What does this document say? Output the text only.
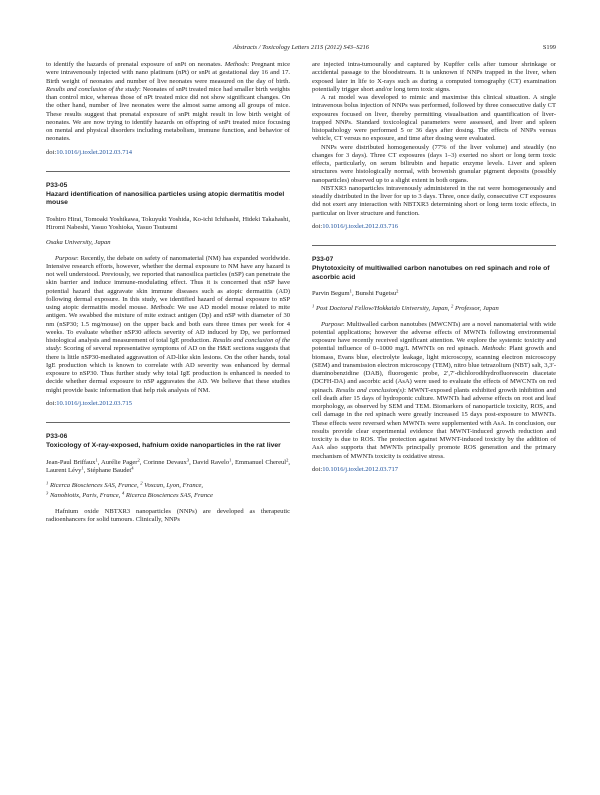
Abstracts / Toxicology Letters 211S (2012) S43–S216	S199

to identify the hazards of prenatal exposure of snPt on neonates. Methods: Pregnant mice were intravenously injected with nano platinum (nPt) or snPt at gestational day 16 and 17. Birth weight of neonates and number of live neonates were measured on the day of birth. Results and conclusion of the study: Neonates of snPt treated mice had smaller birth weights than control mice, whereas those of nPt treated mice did not show significant changes. On the other hand, number of live neonates were the almost same among all groups of mice. These results suggest that prenatal exposure of snPt might result in low birth weight of neonates. We are now trying to identify hazards on offspring of snPt treated mice focusing on mental and physical disorders including metabolism, immune function, and behavior of neonates.

doi:10.1016/j.toxlet.2012.03.714

P33-05
Hazard identification of nanosilica particles using atopic dermatitis model mouse

Toshiro Hirai, Tomoaki Yoshikawa, Tokuyuki Yoshida, Ko-ichi Ichihashi, Hideki Takahashi, Hiromi Nabeshi, Yasuo Yoshioka, Yasuo Tsutsumi

Osaka University, Japan

Purpose: Recently, the debate on safety of nanomaterial (NM) has expanded worldwide. Intensive research efforts, however, whether the dermal exposure to NM have any hazard is not well understood. Previously, we reported that nanosilica particles (nSP) can penetrate the skin barrier and induce immune-modulating effect. Thus it is concerned that nSP have potential hazard that aggravate skin immune diseases such as atopic dermatitis (AD) following dermal exposure. In this study, we identified hazard of dermal exposure to nSP using atopic dermatitis model mouse. Methods: We use AD model mouse related to mite antigen. We swabbed the mixture of mite extract antigen (Dp) and nSP with diameter of 30 nm (nSP30; 1.5 mg/mouse) on the upper back and both ears three times per week for 4 weeks. To evaluate whether nSP30 affects severity of AD induced by Dp, we performed histological analysis and measurement of total IgE production. Results and conclusion of the study: Scoring of several representative symptoms of AD on the H&E sections suggests that there is little nSP30-mediated aggravation of AD-like skin lesions. On the other hands, total IgE production which is known to correlate with AD severity was enhanced by dermal exposure to nSP30. Thus further study why total IgE production is enhanced is needed to decide whether dermal exposure to nSP aggravates the AD. We believe that these studies might provide basic information that help risk analysis of NM.

doi:10.1016/j.toxlet.2012.03.715

P33-06
Toxicology of X-ray-exposed, hafnium oxide nanoparticles in the rat liver

Jean-Paul Briffaux$^1$, Aurélie Pager$^2$, Corinne Devaux$^3$, David Ravelo$^1$, Emmanuel Chereul$^2$, Laurent Lévy$^1$, Stéphane Baudet$^4$

$^1$ Ricerca Biosciences SAS, France, $^2$ Voxcan, Lyon, France,

$^3$ Nanobiotix, Paris, France, $^4$ Ricerca Biosciences SAS, France

Hafnium oxide NBTXR3 nanoparticles (NNPs) are developed as therapeutic radioenhancers for solid tumours. Clinically, NNPs

are injected intra-tumourally and captured by Kupffer cells after tumour shrinkage or accidental passage to the bloodstream. It is unknown if NNPs trapped in the liver, when exposed later in life to X-rays such as during a computed tomography (CT) examination potentially trigger short and/or long term toxic signs.

A rat model was developed to mimic and maximise this clinical situation. A single intravenous bolus injection of NNPs was performed, followed by three consecutive daily CT exposures focused on liver, thereby permitting visualisation and quantification of liver-trapped NNPs. Standard toxicological parameters were assessed, and liver and spleen histopathology were performed 5 or 36 days after dosing. The effects of NNPs versus vehicle, CT versus no exposure, and time after dosing were evaluated.

NNPs were distributed homogeneously (77% of the liver volume) and steadily (no changes for 3 days). Three CT exposures (days 1–3) exerted no short or long term toxic effects, particularly, on serum bilirubin and hepatic enzyme levels. Liver and spleen structures were histologically normal, with brownish granular pigment deposits (possibly nanoparticles) observed up to a slight extent in both organs.

NBTXR3 nanoparticles intravenously administered in the rat were homogeneously and steadily distributed in the liver for up to 3 days. Three, once daily, consecutive CT exposures did not exert any interaction with NBTXR3 determining short or long term toxic effects, in particular on liver structure and function.

doi:10.1016/j.toxlet.2012.03.716

P33-07
Phytotoxicity of multiwalled carbon nanotubes on red spinach and role of ascorbic acid

Parvin Begum$^1$, Bunshi Fugetsu$^2$

$^1$ Post Doctoral Fellow/Hokkaido University, Japan, $^2$ Professor, Japan

Purpose: Multiwalled carbon nanotubes (MWCNTs) are a novel nanomaterial with wide potential applications; however the adverse effects of MWNTs following environmental exposure have recently received significant attention. We explore the systemic toxicity and potential influence of 0–1000 mg/L MWNTs on red spinach. Methods: Plant growth and biomass, Evans blue, electrolyte leakage, light microscopy, scanning electron microscopy (SEM) and transmission electron microscopy (TEM), nitro blue tetrazolium (NBT) salt, 3,3′-diaminobenzidine (DAB), fluorogenic probe, 2′,7′-dichlorodihydrofluorescein diacetate (DCFH-DA) and ascorbic acid (AsA) were used to evaluate the effects of MWCNTs on red spinach. Results and conclusion(s): MWNT-exposed plants exhibited growth inhibition and cell death after 15 days of hydroponic culture. MWNTs had adverse effects on root and leaf morphology, as observed by SEM and TEM. Biomarkers of nanoparticle toxicity, ROS, and cell damage in the red spinach were greatly increased 15 days post-exposure to MWNTs. These effects were reversed when MWNTs were supplemented with AsA. In conclusion, our results provide clear experimental evidence that MWNT-induced growth reduction and toxicity is due to ROS. The protection against MWNT-induced toxicity by the addition of AsA also supports that MWNTs principally promote ROS generation and the primary mechanism of MWNTs toxicity is oxidative stress.

doi:10.1016/j.toxlet.2012.03.717
